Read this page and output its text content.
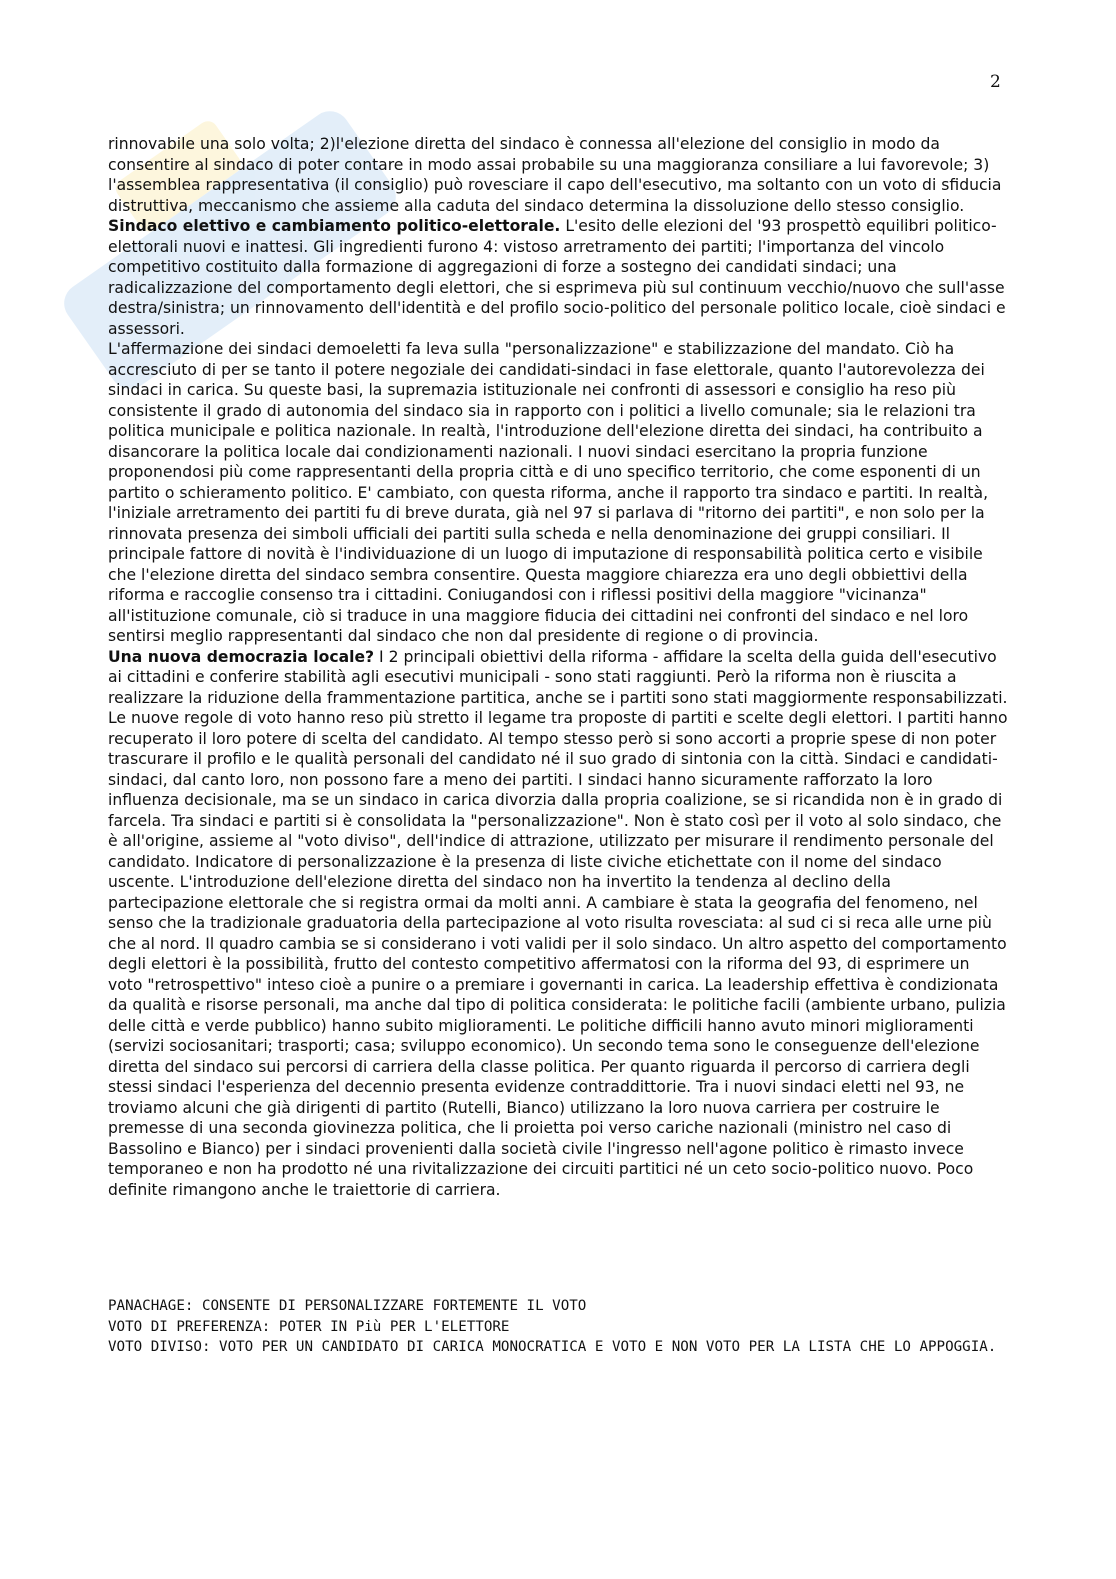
2

rinnovabile una solo volta; 2)l'elezione diretta del sindaco è connessa all'elezione del consiglio in modo da consentire al sindaco di poter contare in modo assai probabile su una maggioranza consiliare a lui favorevole; 3) l'assemblea rappresentativa (il consiglio) può rovesciare il capo dell'esecutivo, ma soltanto con un voto di sfiducia distruttiva, meccanismo che assieme alla caduta del sindaco determina la dissoluzione dello stesso consiglio.

Sindaco elettivo e cambiamento politico-elettorale. L'esito delle elezioni del '93 prospettò equilibri politico-elettorali nuovi e inattesi. Gli ingredienti furono 4: vistoso arretramento dei partiti; l'importanza del vincolo competitivo costituito dalla formazione di aggregazioni di forze a sostegno dei candidati sindaci; una radicalizzazione del comportamento degli elettori, che si esprimeva più sul continuum vecchio/nuovo che sull'asse destra/sinistra; un rinnovamento dell'identità e del profilo socio-politico del personale politico locale, cioè sindaci e assessori.

L'affermazione dei sindaci demoeletti fa leva sulla "personalizzazione" e stabilizzazione del mandato. Ciò ha accresciuto di per se tanto il potere negoziale dei candidati-sindaci in fase elettorale, quanto l'autorevolezza dei sindaci in carica. Su queste basi, la supremazia istituzionale nei confronti di assessori e consiglio ha reso più consistente il grado di autonomia del sindaco sia in rapporto con i politici a livello comunale; sia le relazioni tra politica municipale e politica nazionale. In realtà, l'introduzione dell'elezione diretta dei sindaci, ha contribuito a disancorare la politica locale dai condizionamenti nazionali. I nuovi sindaci esercitano la propria funzione proponendosi più come rappresentanti della propria città e di uno specifico territorio, che come esponenti di un partito o schieramento politico. E' cambiato, con questa riforma, anche il rapporto tra sindaco e partiti. In realtà, l'iniziale arretramento dei partiti fu di breve durata, già nel 97 si parlava di "ritorno dei partiti", e non solo per la rinnovata presenza dei simboli ufficiali dei partiti sulla scheda e nella denominazione dei gruppi consiliari. Il principale fattore di novità è l'individuazione di un luogo di imputazione di responsabilità politica certo e visibile che l'elezione diretta del sindaco sembra consentire. Questa maggiore chiarezza era uno degli obbiettivi della riforma e raccoglie consenso tra i cittadini. Coniugandosi con i riflessi positivi della maggiore "vicinanza" all'istituzione comunale, ciò si traduce in una maggiore fiducia dei cittadini nei confronti del sindaco e nel loro sentirsi meglio rappresentanti dal sindaco che non dal presidente di regione o di provincia.

Una nuova democrazia locale? I 2 principali obiettivi della riforma - affidare la scelta della guida dell'esecutivo ai cittadini e conferire stabilità agli esecutivi municipali - sono stati raggiunti. Però la riforma non è riuscita a realizzare la riduzione della frammentazione partitica, anche se i partiti sono stati maggiormente responsabilizzati. Le nuove regole di voto hanno reso più stretto il legame tra proposte di partiti e scelte degli elettori. I partiti hanno recuperato il loro potere di scelta del candidato. Al tempo stesso però si sono accorti a proprie spese di non poter trascurare il profilo e le qualità personali del candidato né il suo grado di sintonia con la città. Sindaci e candidati-sindaci, dal canto loro, non possono fare a meno dei partiti. I sindaci hanno sicuramente rafforzato la loro influenza decisionale, ma se un sindaco in carica divorzia dalla propria coalizione, se si ricandida non è in grado di farcela. Tra sindaci e partiti si è consolidata la "personalizzazione". Non è stato così per il voto al solo sindaco, che è all'origine, assieme al "voto diviso", dell'indice di attrazione, utilizzato per misurare il rendimento personale del candidato. Indicatore di personalizzazione è la presenza di liste civiche etichettate con il nome del sindaco uscente. L'introduzione dell'elezione diretta del sindaco non ha invertito la tendenza al declino della partecipazione elettorale che si registra ormai da molti anni. A cambiare è stata la geografia del fenomeno, nel senso che la tradizionale graduatoria della partecipazione al voto risulta rovesciata: al sud ci si reca alle urne più che al nord. Il quadro cambia se si considerano i voti validi per il solo sindaco. Un altro aspetto del comportamento degli elettori è la possibilità, frutto del contesto competitivo affermatosi con la riforma del 93, di esprimere un voto "retrospettivo" inteso cioè a punire o a premiare i governanti in carica. La leadership effettiva è condizionata da qualità e risorse personali, ma anche dal tipo di politica considerata: le politiche facili (ambiente urbano, pulizia delle città e verde pubblico) hanno subito miglioramenti. Le politiche difficili hanno avuto minori miglioramenti (servizi sociosanitari; trasporti; casa; sviluppo economico). Un secondo tema sono le conseguenze dell'elezione diretta del sindaco sui percorsi di carriera della classe politica. Per quanto riguarda il percorso di carriera degli stessi sindaci l'esperienza del decennio presenta evidenze contraddittorie. Tra i nuovi sindaci eletti nel 93, ne troviamo alcuni che già dirigenti di partito (Rutelli, Bianco) utilizzano la loro nuova carriera per costruire le premesse di una seconda giovinezza politica, che li proietta poi verso cariche nazionali (ministro nel caso di Bassolino e Bianco) per i sindaci provenienti dalla società civile l'ingresso nell'agone politico è rimasto invece temporaneo e non ha prodotto né una rivitalizzazione dei circuiti partitici né un ceto socio-politico nuovo. Poco definite rimangono anche le traiettorie di carriera.

PANACHAGE: CONSENTE DI PERSONALIZZARE FORTEMENTE IL VOTO
VOTO DI PREFERENZA: POTER IN Più PER L'ELETTORE
VOTO DIVISO: VOTO PER UN CANDIDATO DI CARICA MONOCRATICA E VOTO E NON VOTO PER LA LISTA CHE LO APPOGGIA.
